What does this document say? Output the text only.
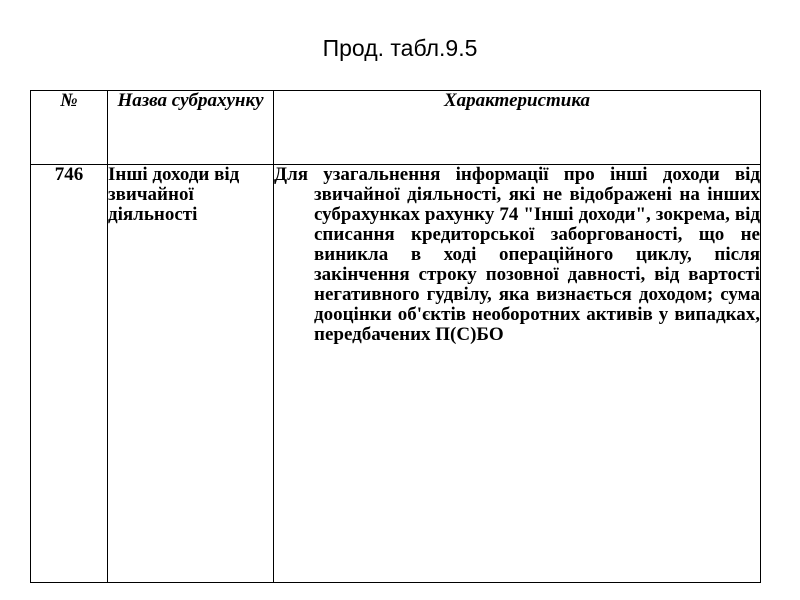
Прод. табл.9.5
№	Назва субрахунку	Характеристика
746	Інші доходи від звичайної діяльності	Для узагальнення інформації про інші доходи від звичайної діяльності, які не відображені на інших субрахунках рахунку 74 "Інші доходи", зокрема, від списання кредиторської заборгованості, що не виникла в ході операційного циклу, після закінчення строку позовної давності, від вартості негативного гудвілу, яка визнається доходом; сума дооцінки об'єктів необоротних активів у випадках, передбачених П(С)БО
